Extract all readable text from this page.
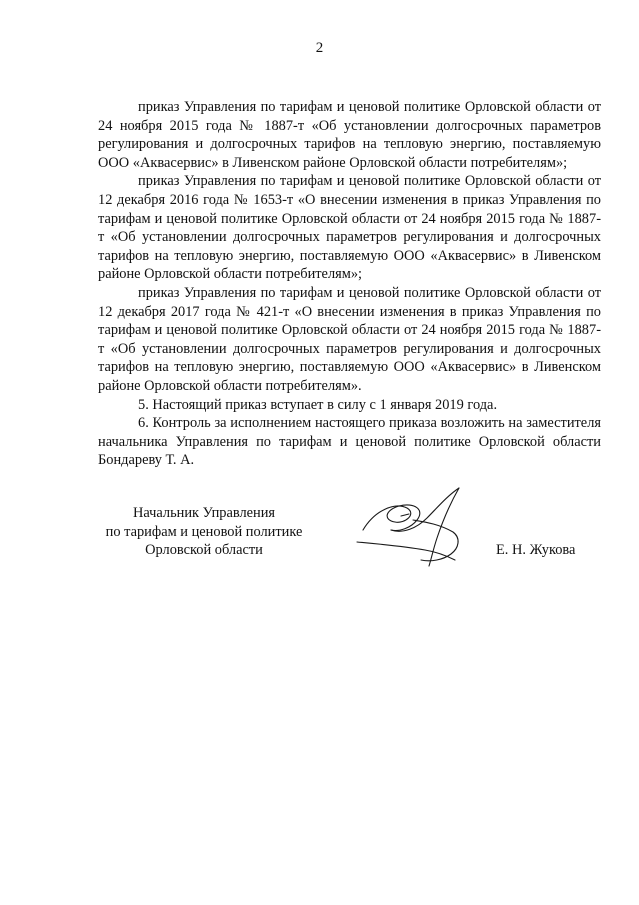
2

приказ Управления по тарифам и ценовой политике Орловской области от 24 ноября 2015 года № 1887-т «Об установлении долгосрочных параметров регулирования и долгосрочных тарифов на тепловую энергию, поставляемую ООО «Аквасервис» в Ливенском районе Орловской области потребителям»;

приказ Управления по тарифам и ценовой политике Орловской области от 12 декабря 2016 года № 1653-т «О внесении изменения в приказ Управления по тарифам и ценовой политике Орловской области от 24 ноября 2015 года № 1887-т «Об установлении долгосрочных параметров регулирования и долгосрочных тарифов на тепловую энергию, поставляемую ООО «Аквасервис» в Ливенском районе Орловской области потребителям»;

приказ Управления по тарифам и ценовой политике Орловской области от 12 декабря 2017 года № 421-т «О внесении изменения в приказ Управления по тарифам и ценовой политике Орловской области от 24 ноября 2015 года № 1887-т «Об установлении долгосрочных параметров регулирования и долгосрочных тарифов на тепловую энергию, поставляемую ООО «Аквасервис» в Ливенском районе Орловской области потребителям».

5. Настоящий приказ вступает в силу с 1 января 2019 года.

6. Контроль за исполнением настоящего приказа возложить на заместителя начальника Управления по тарифам и ценовой политике Орловской области Бондареву Т. А.

Начальник Управления
по тарифам и ценовой политике
Орловской области	Е. Н. Жукова
